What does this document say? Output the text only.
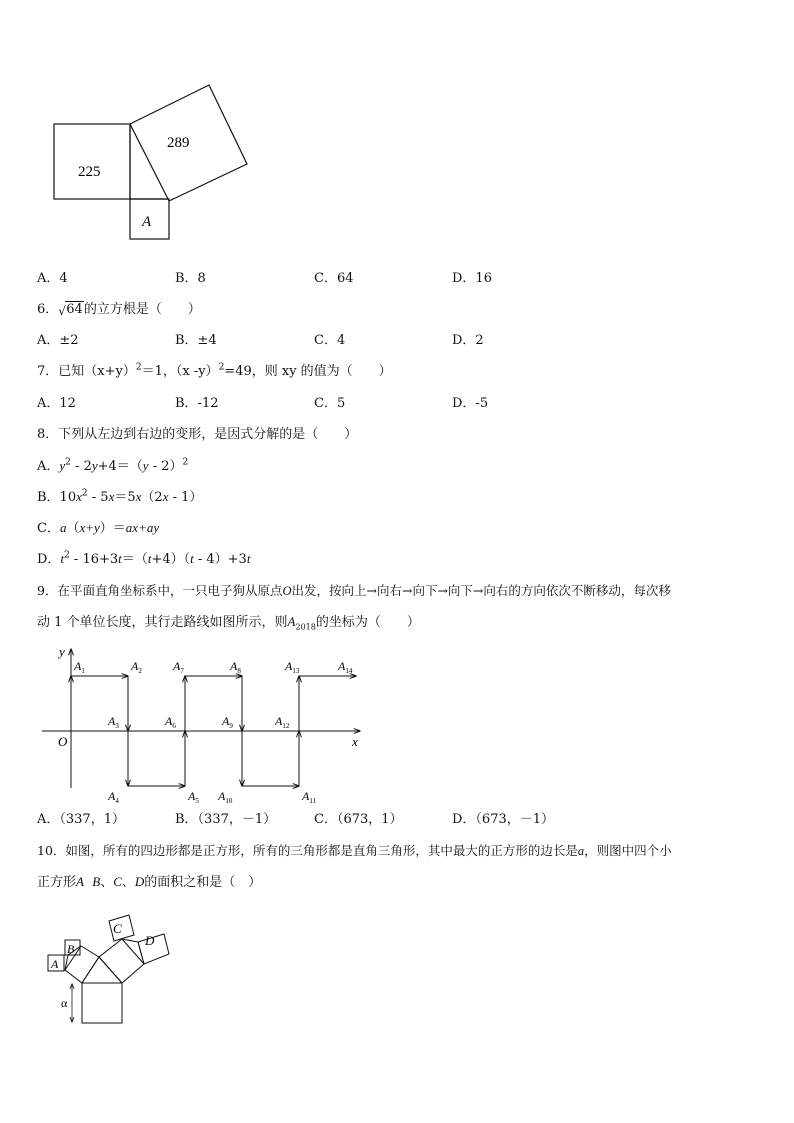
225
289
A
A．4	B．8	C．64	D．16
6． √ 64的立方根是（　　）
A．±2	B．±4	C．4	D．2
7．已知$(x+y)^2=1$，（x -y）$^2$=49，则 xy 的值为（　　）
A．12	B．-12	C．5	D．-5
8．下列从左边到右边的变形，是因式分解的是（　　）
A．$y^2 - 2y+4=(y - 2)^2$
B．$10x^2 - 5x=5x(2x - 1)$
C．a（x+y）＝ax+ay
D．$t^2 - 16+3t=(t+4)(t - 4)+3t$
9．在平面直角坐标系中，一只电子狗从原点O出发，按向上→向右→向下→向下→向右的方向依次不断移动，每次移
动 1 个单位长度，其行走路线如图所示，则$A_{2018}$的坐标为（　　）
$A_1$	$A_2$
$A_3$
$A_4$	$A_5$
$A_6$
$A_7$	$A_8$
$A_9$
$A_{10}$	$A_{11}$
$A_{12}$
$A_{13}$	$A_{14}$
x
y
O
A．（337，1）	B．（337，－1）	C．（673，1）	D．（673，－1）
10．如图，所有的四边形都是正方形，所有的三角形都是直角三角形，其中最大的正方形的边长是a，则图中四个小
正方形A B、C、D的面积之和是（　）
A
B
C
D
α
